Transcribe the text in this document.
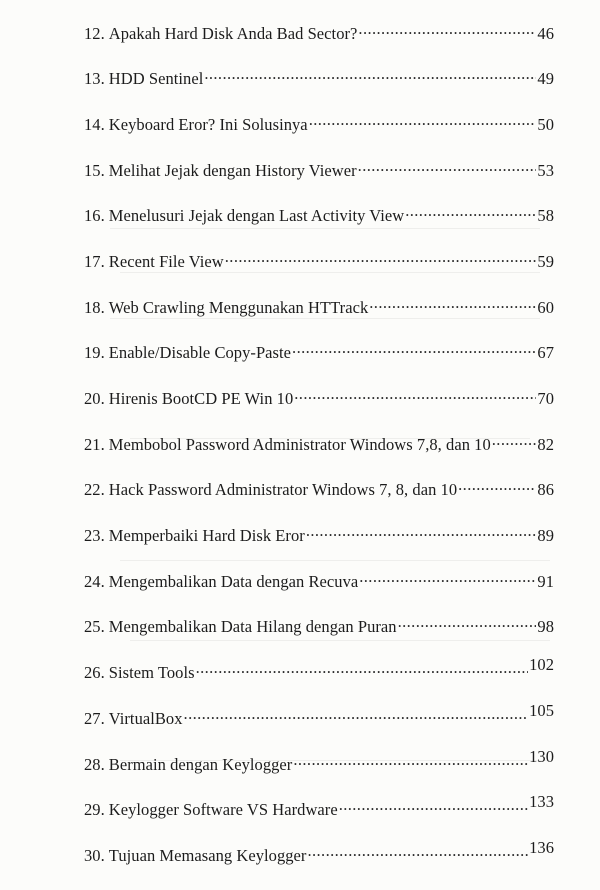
12. Apakah Hard Disk Anda Bad Sector? .....	46
13. HDD Sentinel .....	49
14. Keyboard Eror? Ini Solusinya .....	50
15. Melihat Jejak dengan History Viewer .....	53
16. Menelusuri Jejak dengan Last Activity View .....	58
17. Recent File View .....	59
18. Web Crawling Menggunakan HTTrack .....	60
19. Enable/Disable Copy-Paste .....	67
20. Hirenis BootCD PE Win 10 .....	70
21. Membobol Password Administrator Windows 7,8, dan 10 .....	82
22. Hack Password Administrator Windows 7, 8, dan 10 .....	86
23. Memperbaiki Hard Disk Eror .....	89
24. Mengembalikan Data dengan Recuva .....	91
25. Mengembalikan Data Hilang dengan Puran .....	98
26. Sistem Tools .....	102
27. VirtualBox .....	105
28. Bermain dengan Keylogger .....	130
29. Keylogger Software VS Hardware .....	133
30. Tujuan Memasang Keylogger .....	136
